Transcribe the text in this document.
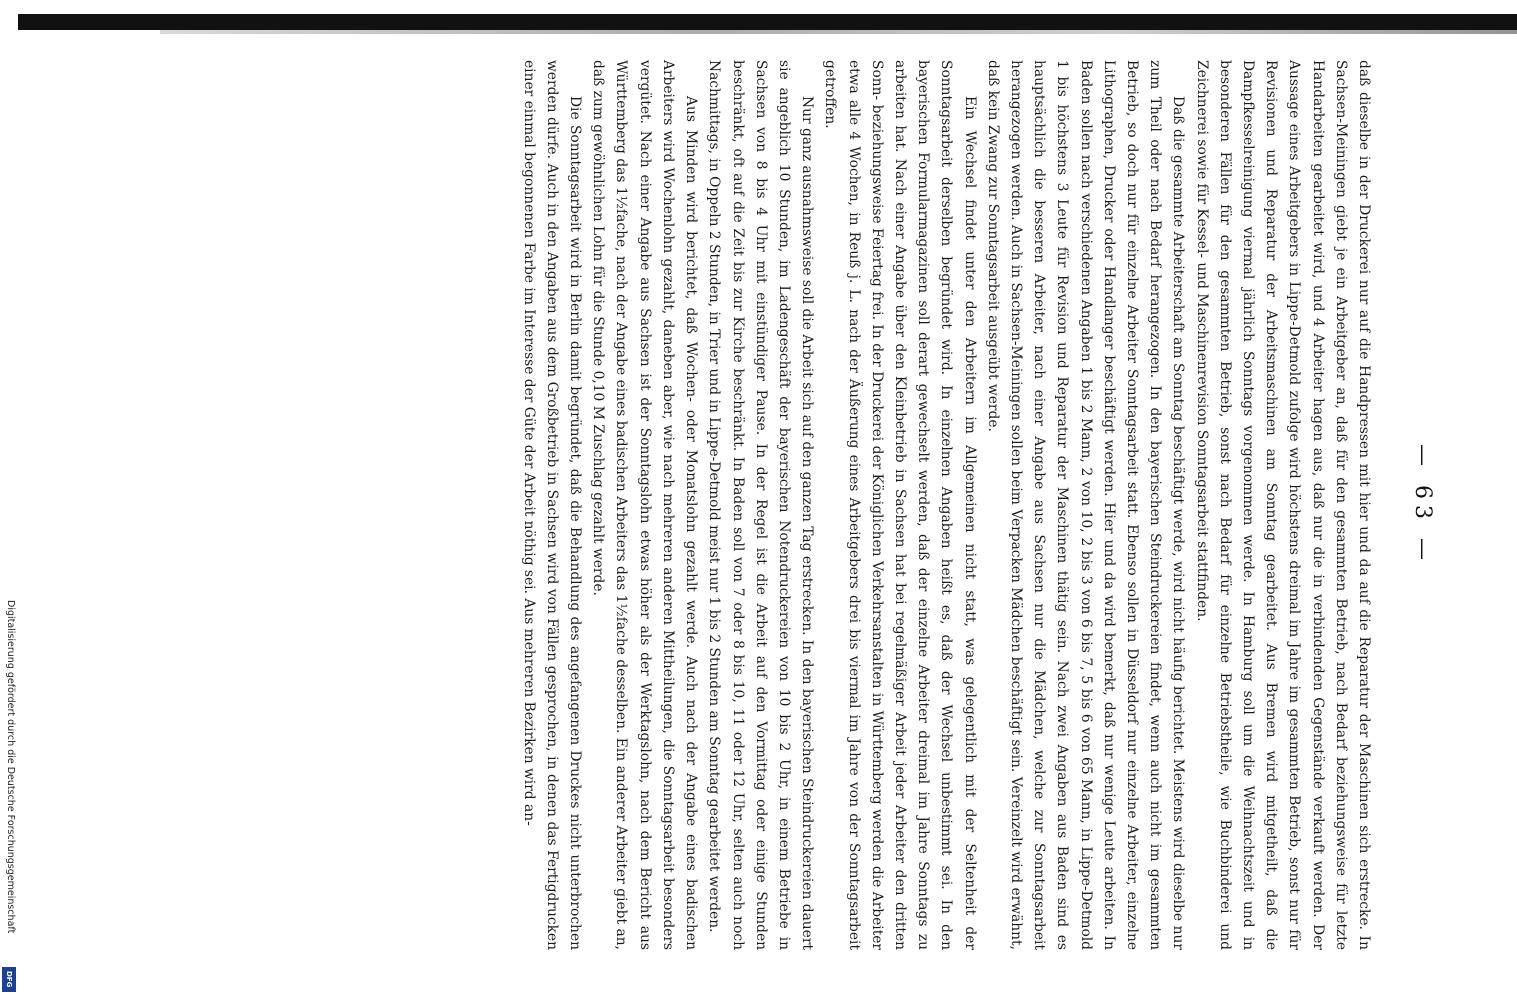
— 63 —

daß dieselbe in der Druckerei nur auf die Handpressen mit hier und da auf die Reparatur der Maschinen sich erstrecke. In Sachsen-Meiningen giebt je ein Arbeitgeber an, daß für den gesammten Betrieb, nach Bedarf beziehungsweise für letzte Handarbeiten gearbeitet wird, und 4 Arbeiter hagen aus, daß nur die in verbindenden Gegenstände verkauft werden. Der Aussage eines Arbeitgebers in Lippe-Detmold zufolge wird höchstens dreimal im Jahre im gesammten Betrieb, sonst nur für Revisionen und Reparatur der Arbeitsmaschinen am Sonntag gearbeitet. Aus Bremen wird mitgetheilt, daß die Dampfkesselreinigung viermal jährlich Sonntags vorgenommen werde. In Hamburg soll um die Weihnachtszeit und in besonderen Fällen für den gesammten Betrieb, sonst nach Bedarf für einzelne Betriebstheile, wie Buchbinderei und Zeichnerei sowie für Kessel- und Maschinenrevision Sonntagsarbeit stattfinden.

Daß die gesammte Arbeiterschaft am Sonntag beschäftigt werde, wird nicht häufig berichtet. Meistens wird dieselbe nur zum Theil oder nach Bedarf herangezogen. In den bayerischen Steindruckereien findet, wenn auch nicht im gesammten Betrieb, so doch nur für einzelne Arbeiter Sonntagsarbeit statt. Ebenso sollen in Düsseldorf nur einzelne Arbeiter, einzelne Lithographen, Drucker oder Handlanger beschäftigt werden. Hier und da wird bemerkt, daß nur wenige Leute arbeiten. In Baden sollen nach verschiedenen Angaben 1 bis 2 Mann, 2 von 10, 2 bis 3 von 6 bis 7, 5 bis 6 von 65 Mann, in Lippe-Detmold 1 bis höchstens 3 Leute für Revision und Reparatur der Maschinen thätig sein. Nach zwei Angaben aus Baden sind es hauptsächlich die besseren Arbeiter, nach einer Angabe aus Sachsen nur die Mädchen, welche zur Sonntagsarbeit herangezogen werden. Auch in Sachsen-Meiningen sollen beim Verpacken Mädchen beschäftigt sein. Vereinzelt wird erwähnt, daß kein Zwang zur Sonntagsarbeit ausgeübt werde.

Ein Wechsel findet unter den Arbeitern im Allgemeinen nicht statt, was gelegentlich mit der Seltenheit der Sonntagsarbeit derselben begründet wird. In einzelnen Angaben heißt es, daß der Wechsel unbestimmt sei. In den bayerischen Formularmagazinen soll derart gewechselt werden, daß der einzelne Arbeiter dreimal im Jahre Sonntags zu arbeiten hat. Nach einer Angabe über den Kleinbetrieb in Sachsen hat bei regelmäßiger Arbeit jeder Arbeiter den dritten Sonn- beziehungsweise Feiertag frei. In der Druckerei der Königlichen Verkehrsanstalten in Württemberg werden die Arbeiter etwa alle 4 Wochen, in Reuß j. L. nach der Äußerung eines Arbeitgebers drei bis viermal im Jahre von der Sonntagsarbeit getroffen.

Nur ganz ausnahmsweise soll die Arbeit sich auf den ganzen Tag erstrecken. In den bayerischen Steindruckereien dauert sie angeblich 10 Stunden, im Ladengeschäft der bayerischen Notendruckereien von 10 bis 2 Uhr, in einem Betriebe in Sachsen von 8 bis 4 Uhr mit einstündiger Pause. In der Regel ist die Arbeit auf den Vormittag oder einige Stunden beschränkt, oft auf die Zeit bis zur Kirche beschränkt. In Baden soll von 7 oder 8 bis 10, 11 oder 12 Uhr, selten auch noch Nachmittags, in Oppeln 2 Stunden, in Trier und in Lippe-Detmold meist nur 1 bis 2 Stunden am Sonntag gearbeitet werden.

Aus Minden wird berichtet, daß Wochen- oder Monatslohn gezahlt werde. Auch nach der Angabe eines badischen Arbeiters wird Wochenlohn gezahlt, daneben aber, wie nach mehreren anderen Mittheilungen, die Sonntagsarbeit besonders vergütet. Nach einer Angabe aus Sachsen ist der Sonntagslohn etwas höher als der Werktagslohn, nach dem Bericht aus Württemberg das 1½fache, nach der Angabe eines badischen Arbeiters das 1½fache desselben. Ein anderer Arbeiter giebt an, daß zum gewöhnlichen Lohn für die Stunde 0,10 M Zuschlag gezahlt werde.

Die Sonntagsarbeit wird in Berlin damit begründet, daß die Behandlung des angefangenen Druckes nicht unterbrochen werden dürfe. Auch in den Angaben aus dem Großbetrieb in Sachsen wird von Fällen gesprochen, in denen das Fertigdrucken einer einmal begonnenen Farbe im Interesse der Güte der Arbeit nöthig sei. Aus mehreren Bezirken wird an-

Digitalisierung gefördert durch die Deutsche Forschungsgemeinschaft
DFG
